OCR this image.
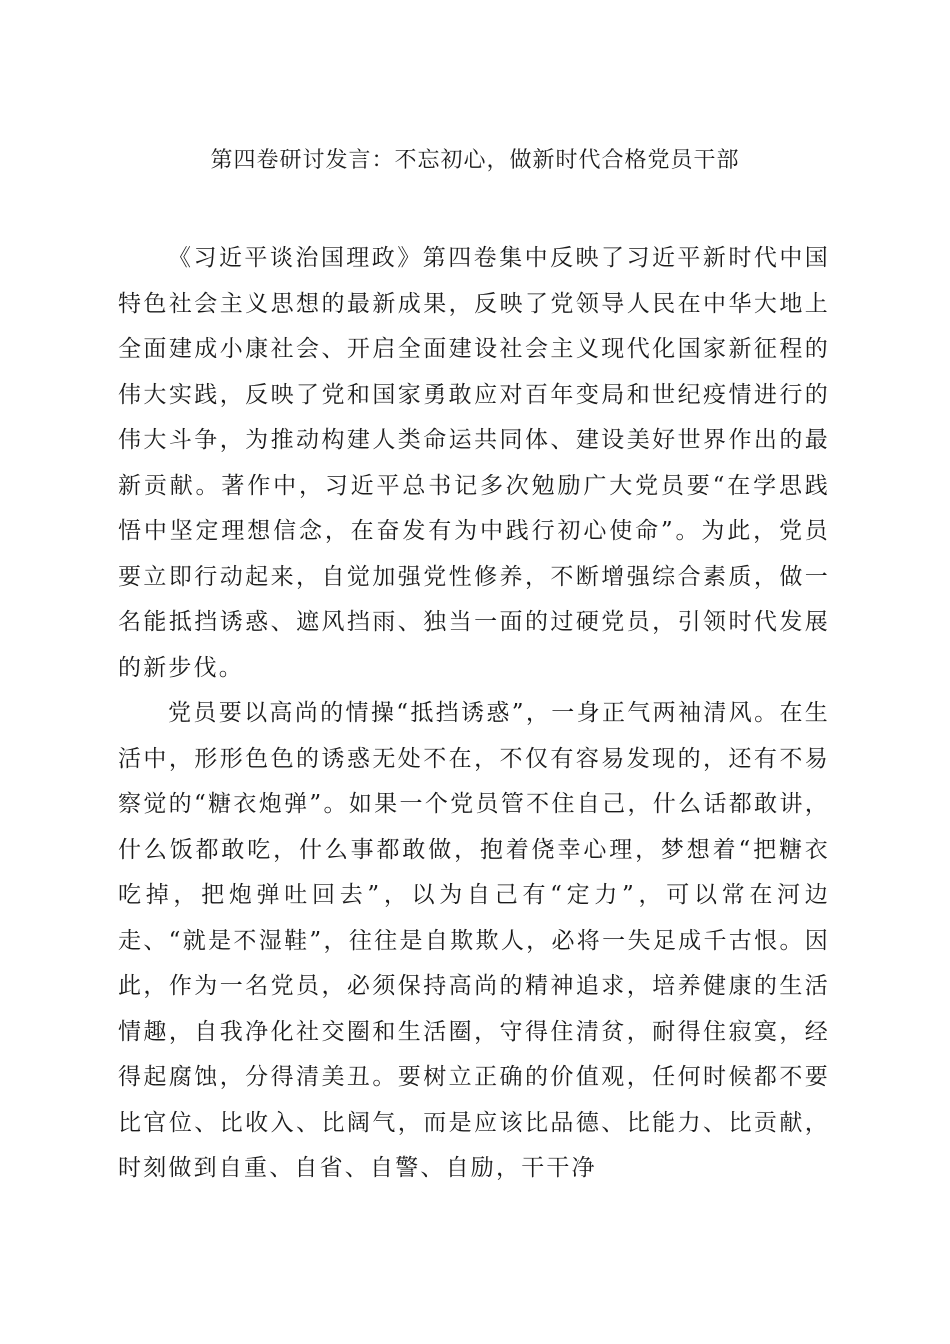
第四卷研讨发言：不忘初心，做新时代合格党员干部

《习近平谈治国理政》第四卷集中反映了习近平新时代中国特色社会主义思想的最新成果，反映了党领导人民在中华大地上全面建成小康社会、开启全面建设社会主义现代化国家新征程的伟大实践，反映了党和国家勇敢应对百年变局和世纪疫情进行的伟大斗争，为推动构建人类命运共同体、建设美好世界作出的最新贡献。著作中，习近平总书记多次勉励广大党员要“在学思践悟中坚定理想信念，在奋发有为中践行初心使命”。为此，党员要立即行动起来，自觉加强党性修养，不断增强综合素质，做一名能抵挡诱惑、遮风挡雨、独当一面的过硬党员，引领时代发展的新步伐。

党员要以高尚的情操“抵挡诱惑”，一身正气两袖清风。在生活中，形形色色的诱惑无处不在，不仅有容易发现的，还有不易察觉的“糖衣炮弹”。如果一个党员管不住自己，什么话都敢讲，什么饭都敢吃，什么事都敢做，抱着侥幸心理，梦想着“把糖衣吃掉，把炮弹吐回去”，以为自己有“定力”，可以常在河边走、“就是不湿鞋”，往往是自欺欺人，必将一失足成千古恨。因此，作为一名党员，必须保持高尚的精神追求，培养健康的生活情趣，自我净化社交圈和生活圈，守得住清贫，耐得住寂寞，经得起腐蚀，分得清美丑。要树立正确的价值观，任何时候都不要比官位、比收入、比阔气，而是应该比品德、比能力、比贡献，时刻做到自重、自省、自警、自励，干干净
